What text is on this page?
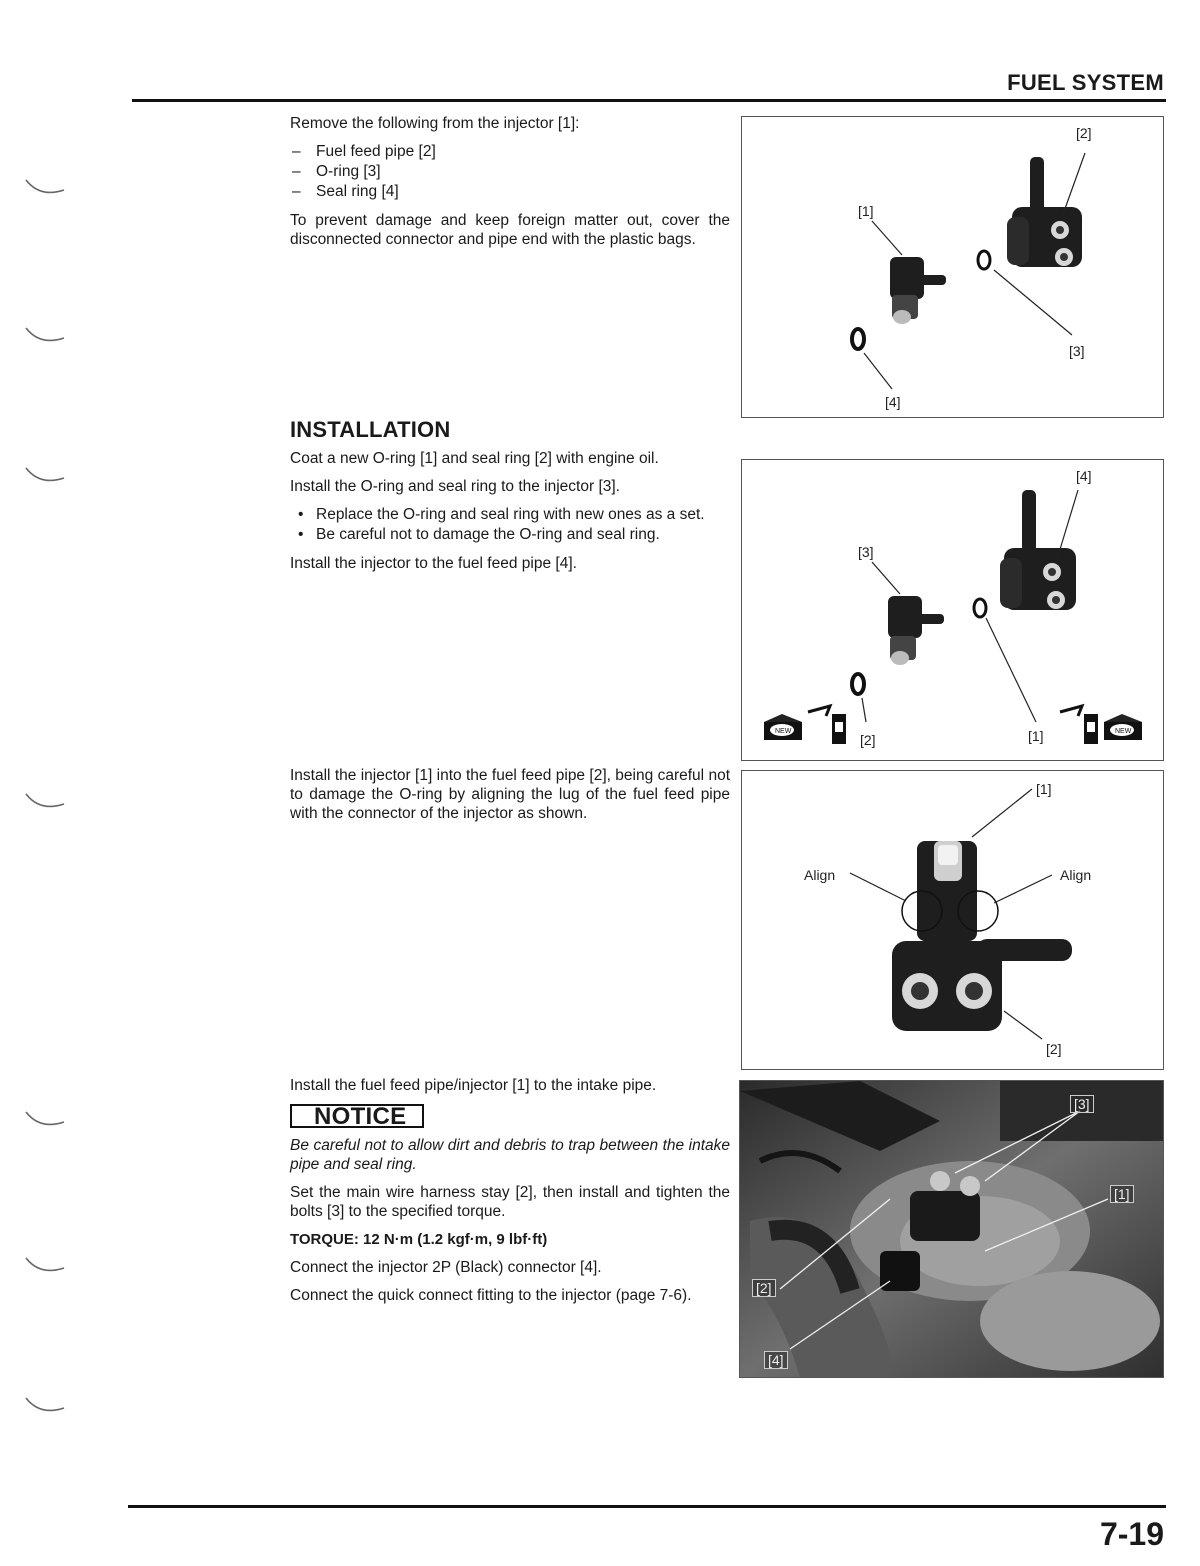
FUEL SYSTEM

Remove the following from the injector [1]:

– Fuel feed pipe [2]
– O-ring [3]
– Seal ring [4]

To prevent damage and keep foreign matter out, cover the disconnected connector and pipe end with the plastic bags.

[1]
[2]
[3]
[4]
INSTALLATION

Coat a new O-ring [1] and seal ring [2] with engine oil.

Install the O-ring and seal ring to the injector [3].

• Replace the O-ring and seal ring with new ones as a set.
• Be careful not to damage the O-ring and seal ring.

Install the injector to the fuel feed pipe [4].

NEW	NEW
[3]
[4]
[1]
[2]

Install the injector [1] into the fuel feed pipe [2], being careful not to damage the O-ring by aligning the lug of the fuel feed pipe with the connector of the injector as shown.

[1]
Align	Align
[2]

Install the fuel feed pipe/injector [1] to the intake pipe.

NOTICE

Be careful not to allow dirt and debris to trap between the intake pipe and seal ring.

Set the main wire harness stay [2], then install and tighten the bolts [3] to the specified torque.

TORQUE: 12 N·m (1.2 kgf·m, 9 lbf·ft)

Connect the injector 2P (Black) connector [4].

Connect the quick connect fitting to the injector (page 7-6).

[3]
[1]
[2]
[4]
7-19
